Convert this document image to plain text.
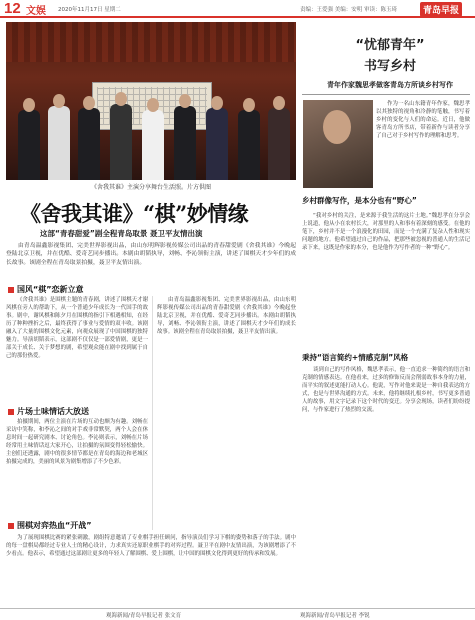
12 文娱 2020年11月17日 星期二	责编：王爱强 美编：安明 审读：陈玉琦	青岛早报
《舍我其谁》主演分享舞台生活照。片方供图
《舍我其谁》“棋”妙情缘
这部“青春甜爱”剧全程青岛取景 聂卫平友情出演
由青岛温鑫影视集团、完美世界影视出品，由山东明辉影视传媒公司出品的青春甜爱剧《舍我其谁》今晚起登陆北京卫视，并在优酷、爱奇艺同步播出。本剧由胡韬执导，刘畅、李沁领衔主演，讲述了围棋天才少年们的成长故事。该剧全程在青岛取景拍摄，聂卫平友情出演。
国风“棋”恋新立意
《舍我其谁》是围棋主题的青春剧，讲述了围棋天才谢风棋在旁人的帮助下，从一个普通少年成长为一代国手的故事。剧中，谢风棋和陈夕月在围棋的指引下相遇相知，在经历了种种挫折之后，最终获得了事业与爱情的双丰收。该剧融入了大量的围棋文化元素，向观众展现了中国围棋的独特魅力。导演胡韬表示，这部剧不仅仅是一部爱情剧，更是一部关于成长、关于梦想的剧，希望观众能在剧中找到属于自己的那份热爱。
片场土味情话大放送
拍摄期间，两位主演在片场的互动也颇为有趣。刘畅在采访中笑称，和李沁之间的对手戏非常默契，两个人会在休息时间一起研究剧本、讨论角色。李沁则表示，刘畅在片场经常用土味情话逗大家开心，让拍摄的氛围变得轻松愉快。主创们还透露，剧中的很多情节都是在青岛的海边和老城区拍摄完成的，美丽的风景为剧集增添了不少色彩。
围棋对弈热血“开战”
为了展现围棋比赛的紧张刺激，剧组特意邀请了专业棋手担任顾问，指导演员们学习下棋的姿势和落子的手法。剧中的每一盘棋局都经过专业人士的精心设计，力求真实还原职业棋手的对弈过程。聂卫平在剧中友情出演，为该剧增添了不少看点。他表示，希望通过这部剧让更多的年轻人了解围棋、爱上围棋，让中国的围棋文化得到更好的传承和发展。
由青岛温鑫影视集团、完美世界影视出品，由山东明辉影视传媒公司出品的青春甜爱剧《舍我其谁》今晚起登陆北京卫视，并在优酷、爱奇艺同步播出。本剧由胡韬执导，刘畅、李沁领衔主演，讲述了围棋天才少年们的成长故事。该剧全程在青岛取景拍摄，聂卫平友情出演。
“忧郁青年”
书写乡村
青年作家魏思孝做客青岛方所谈乡村写作
作为一名山东籍青年作家，魏思孝以其独特的视角和冷静的笔触，书写着乡村的变化与人们的命运。近日，他做客青岛方所书店，带着新作与读者分享了自己对于乡村写作的理解和思考。
乡村群像写作，是本分也有“野心”
“我对乡村的关注，是来源于我生活的这片土地。”魏思孝在分享会上说道，他从小在农村长大，对那里的人和事有着深刻的感受。在他的笔下，乡村并不是一个浪漫化的田园，而是一个充满了复杂人性和现实问题的地方。他希望通过自己的作品，把那些被忽视的普通人的生活记录下来，这既是作家的本分，也是他作为写作者的一种“野心”。
秉持“语言简约+情感克制”风格
谈到自己的写作风格，魏思孝表示，他一直追求一种简约的语言和克制的情感表达。在他看来，过多的修饰反而会削弱故事本身的力量，而平实的叙述更能打动人心。他说，写作对他来说是一种自我表达的方式，也是与世界沟通的方式。未来，他将继续扎根乡村，书写更多普通人的故事，用文字记录下这个时代的变迁。分享会现场，读者们纷纷提问，与作家进行了热烈的交流。
观海新闻/青岛早报记者 张文育	观海新闻/青岛早报记者 李锐
